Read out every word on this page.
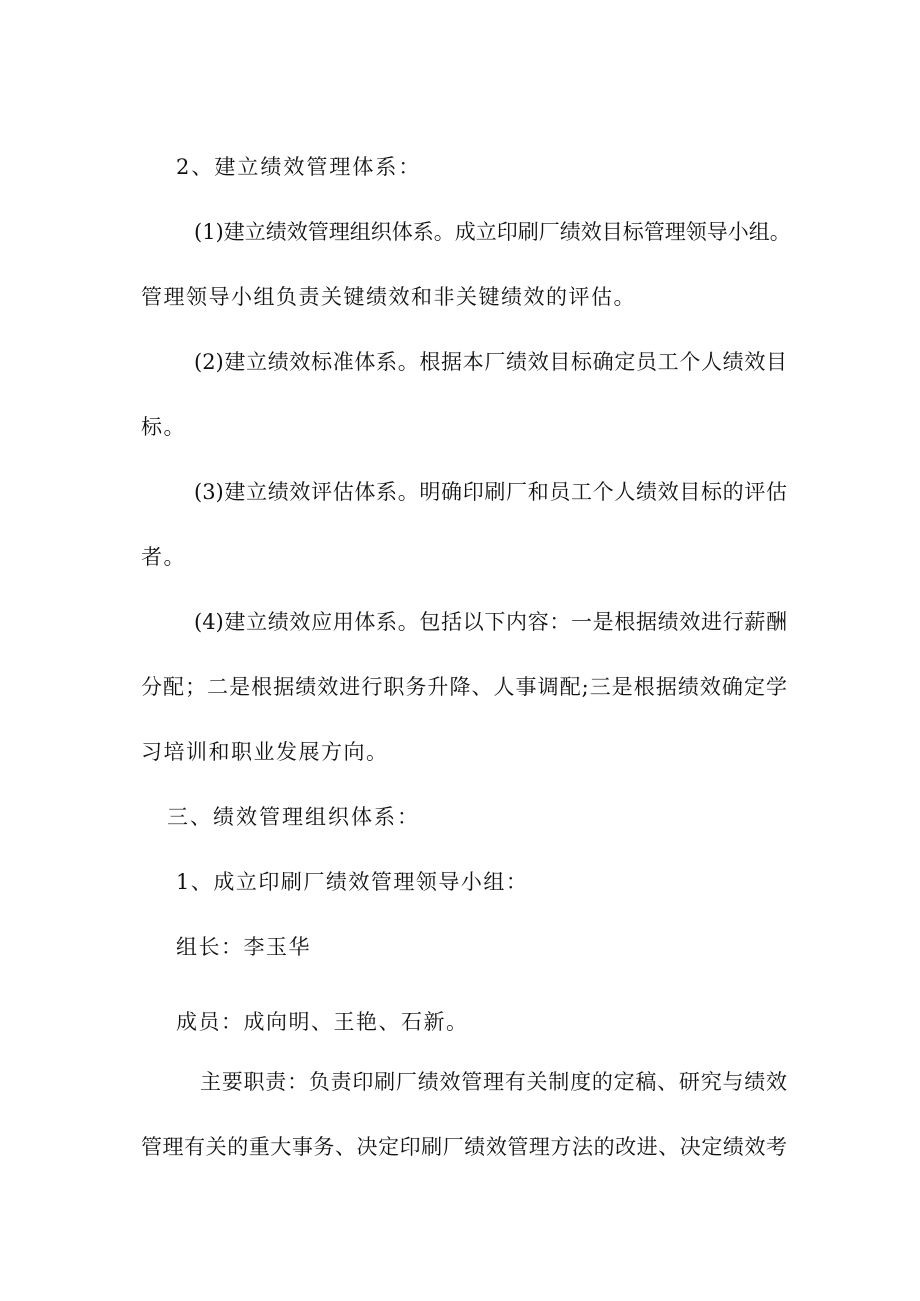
2、建立绩效管理体系：
(1)建立绩效管理组织体系。成立印刷厂绩效目标管理领导小组。
管理领导小组负责关键绩效和非关键绩效的评估。
(2)建立绩效标准体系。根据本厂绩效目标确定员工个人绩效目
标。
(3)建立绩效评估体系。明确印刷厂和员工个人绩效目标的评估
者。
(4)建立绩效应用体系。包括以下内容：一是根据绩效进行薪酬
分配；二是根据绩效进行职务升降、人事调配;三是根据绩效确定学
习培训和职业发展方向。
三、绩效管理组织体系：
1、成立印刷厂绩效管理领导小组：
组长：李玉华
成员：成向明、王艳、石新。
主要职责：负责印刷厂绩效管理有关制度的定稿、研究与绩效
管理有关的重大事务、决定印刷厂绩效管理方法的改进、决定绩效考
